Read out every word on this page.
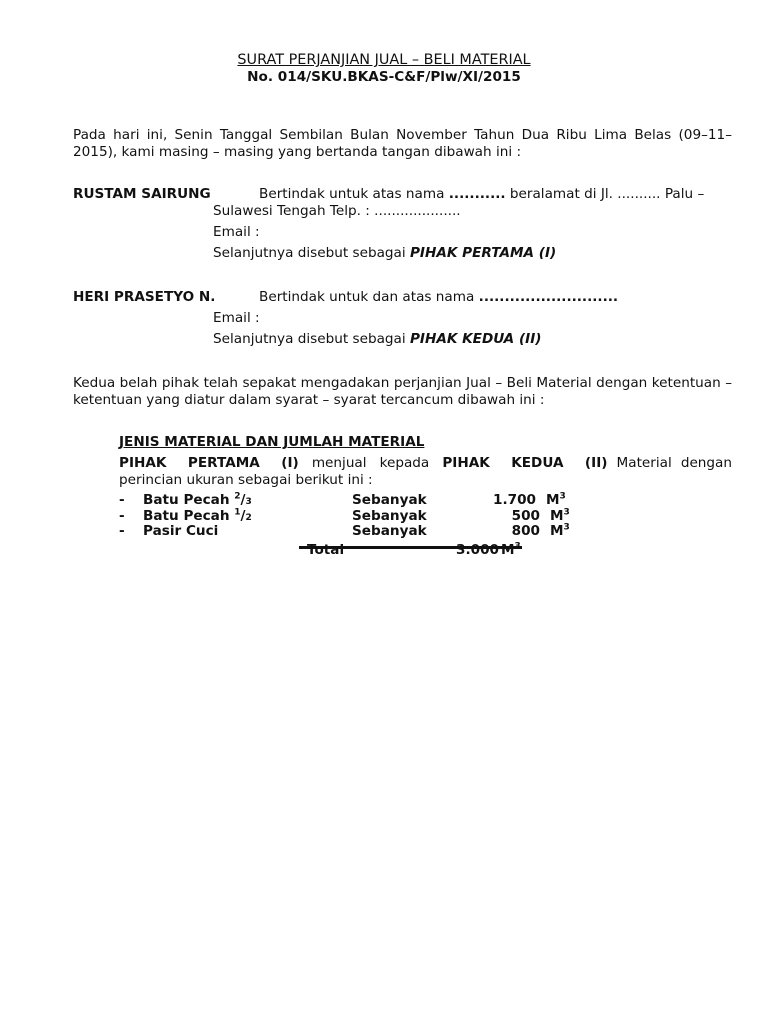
SURAT PERJANJIAN JUAL – BELI MATERIAL
No. 014/SKU.BKAS-C&F/Plw/XI/2015
Pada hari ini, Senin Tanggal Sembilan Bulan November Tahun Dua Ribu Lima Belas (09–11–2015), kami masing – masing yang bertanda tangan dibawah ini :
RUSTAM SAIRUNG	Bertindak untuk atas nama ........... beralamat di Jl. .......... Palu –
Sulawesi Tengah Telp. : ....................
Email :
Selanjutnya disebut sebagai PIHAK PERTAMA (I)
HERI PRASETYO N.	Bertindak untuk dan atas nama ...........................
Email :
Selanjutnya disebut sebagai PIHAK KEDUA (II)
Kedua belah pihak telah sepakat mengadakan perjanjian Jual – Beli Material dengan ketentuan – ketentuan yang diatur dalam syarat – syarat tercancum dibawah ini :
JENIS MATERIAL DAN JUMLAH MATERIAL
PIHAK PERTAMA (I) menjual kepada PIHAK KEDUA (II) Material dengan perincian ukuran sebagai berikut ini :
- Batu Pecah $^2$/3	Sebanyak	1.700 $M^3$
- Batu Pecah $^1$/2	Sebanyak	500 $M^3$
- Pasir Cuci	Sebanyak	800 $M^3$
Total	3.000 $M^3$
